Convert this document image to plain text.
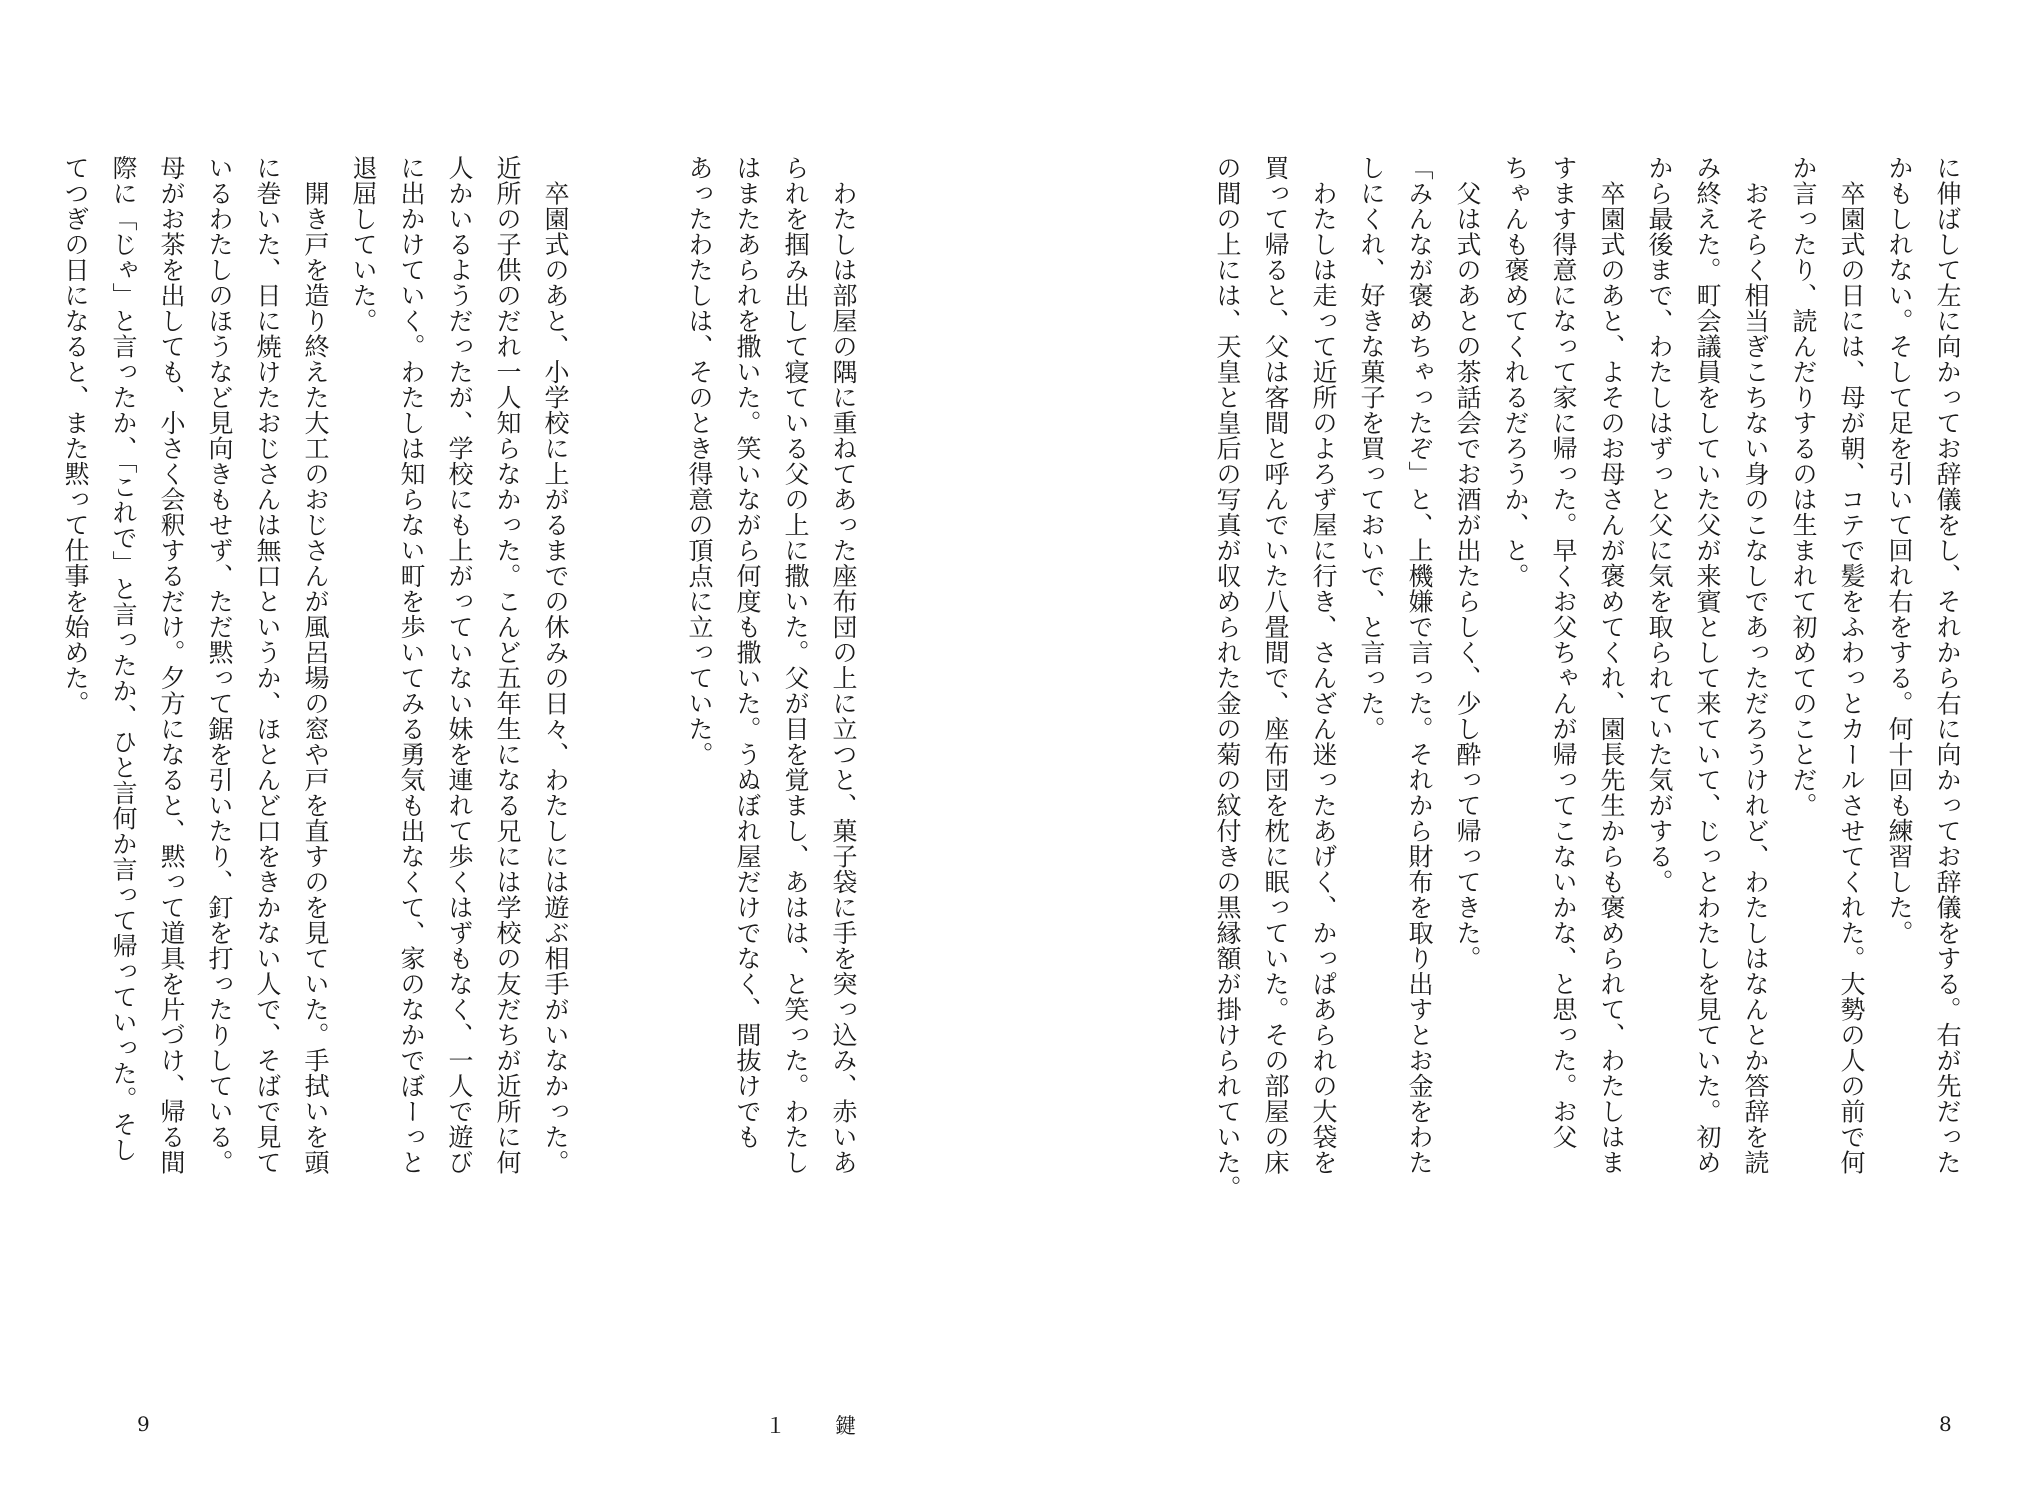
に伸ばして左に向かってお辞儀をし、それから右に向かってお辞儀をする。右が先だった
かもしれない。そして足を引いて回れ右をする。何十回も練習した。
　卒園式の日には、母が朝、コテで髪をふわっとカールさせてくれた。大勢の人の前で何
か言ったり、読んだりするのは生まれて初めてのことだ。
　おそらく相当ぎこちない身のこなしであっただろうけれど、わたしはなんとか答辞を読
み終えた。町会議員をしていた父が来賓として来ていて、じっとわたしを見ていた。初め
から最後まで、わたしはずっと父に気を取られていた気がする。
　卒園式のあと、よそのお母さんが褒めてくれ、園長先生からも褒められて、わたしはま
すます得意になって家に帰った。早くお父ちゃんが帰ってこないかな、と思った。お父
ちゃんも褒めてくれるだろうか、と。
　父は式のあとの茶話会でお酒が出たらしく、少し酔って帰ってきた。
「みんなが褒めちゃったぞ」と、上機嫌で言った。それから財布を取り出すとお金をわた
しにくれ、好きな菓子を買っておいで、と言った。
　わたしは走って近所のよろず屋に行き、さんざん迷ったあげく、かっぱあられの大袋を
買って帰ると、父は客間と呼んでいた八畳間で、座布団を枕に眠っていた。その部屋の床
の間の上には、天皇と皇后の写真が収められた金の菊の紋付きの黒縁額が掛けられていた。
8
　わたしは部屋の隅に重ねてあった座布団の上に立つと、菓子袋に手を突っ込み、赤いあ
られを掴み出して寝ている父の上に撒いた。父が目を覚まし、あはは、と笑った。わたし
はまたあられを撒いた。笑いながら何度も撒いた。うぬぼれ屋だけでなく、間抜けでも
あったわたしは、そのとき得意の頂点に立っていた。
　卒園式のあと、小学校に上がるまでの休みの日々、わたしには遊ぶ相手がいなかった。
近所の子供のだれ一人知らなかった。こんど五年生になる兄には学校の友だちが近所に何
人かいるようだったが、学校にも上がっていない妹を連れて歩くはずもなく、一人で遊び
に出かけていく。わたしは知らない町を歩いてみる勇気も出なくて、家のなかでぼーっと
退屈していた。
　開き戸を造り終えた大工のおじさんが風呂場の窓や戸を直すのを見ていた。手拭いを頭
に巻いた、日に焼けたおじさんは無口というか、ほとんど口をきかない人で、そばで見て
いるわたしのほうなど見向きもせず、ただ黙って鋸を引いたり、釘を打ったりしている。
母がお茶を出しても、小さく会釈するだけ。夕方になると、黙って道具を片づけ、帰る間
際に「じゃ」と言ったか、「これで」と言ったか、ひと言何か言って帰っていった。そし
てつぎの日になると、また黙って仕事を始めた。
9	１　鍵
